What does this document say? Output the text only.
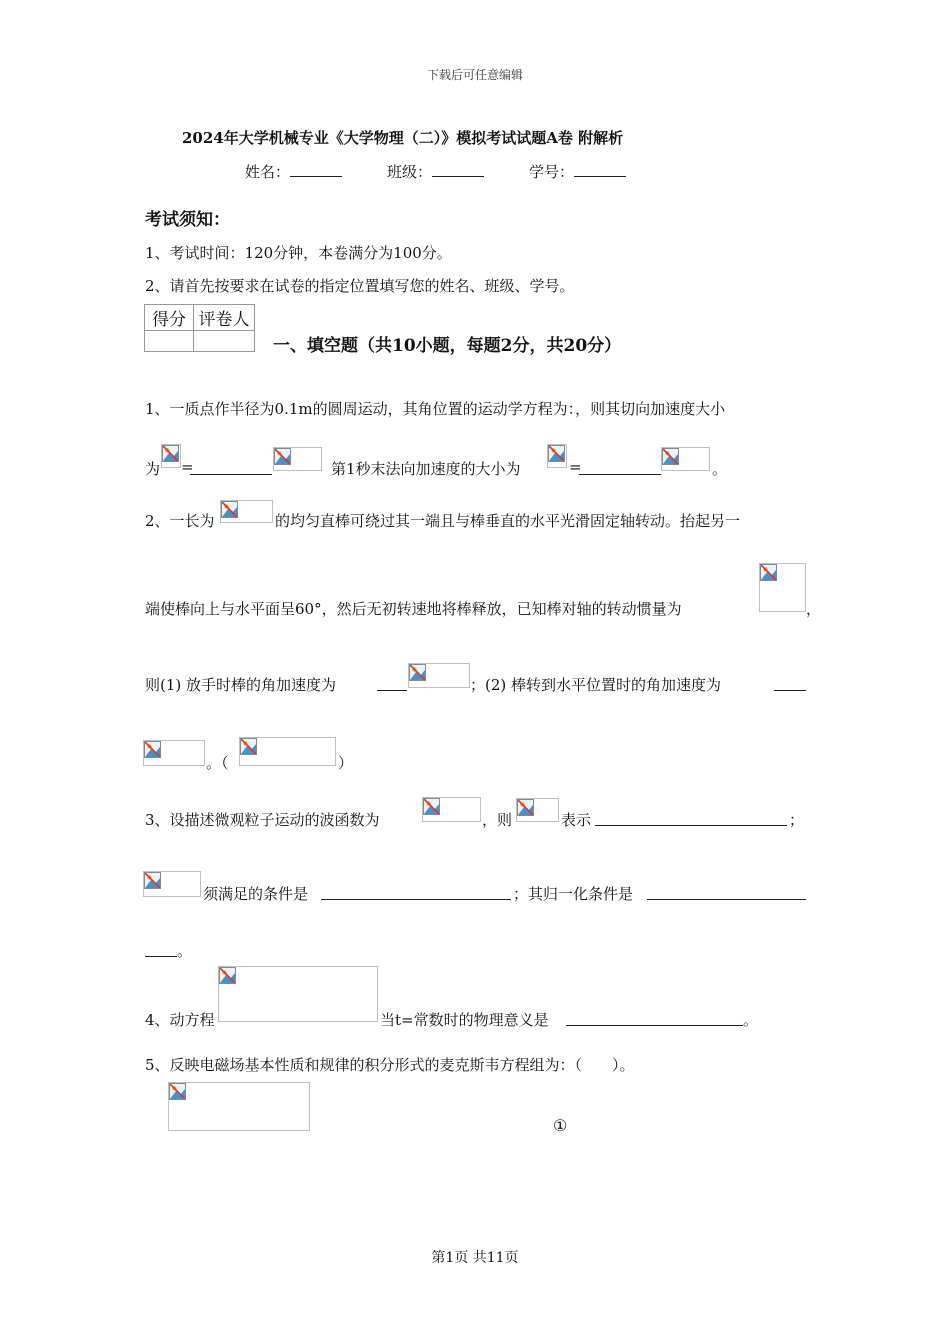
下载后可任意编辑
2024年大学机械专业《大学物理（二）》模拟考试试题A卷 附解析
姓名：	班级：	学号：
考试须知：
1、考试时间：120分钟，本卷满分为100分。
2、请首先按要求在试卷的指定位置填写您的姓名、班级、学号。
得分	评卷人

一、填空题（共10小题，每题2分，共20分）
1、一质点作半径为0.1m的圆周运动，其角位置的运动学方程为：，则其切向加速度大小
为 =	第1秒末法向加速度的大小为	=	。
2、一长为	的均匀直棒可绕过其一端且与棒垂直的水平光滑固定轴转动。抬起另一
端使棒向上与水平面呈60°，然后无初转速地将棒释放，已知棒对轴的转动惯量为	，
则(1) 放手时棒的角加速度为	；(2) 棒转到水平位置时的角加速度为
。（	）
3、设描述微观粒子运动的波函数为	，则	表示	；
须满足的条件是	；其归一化条件是
。
4、动方程	当t=常数时的物理意义是	。
5、反映电磁场基本性质和规律的积分形式的麦克斯韦方程组为：（　　）。
①
第1页 共11页
